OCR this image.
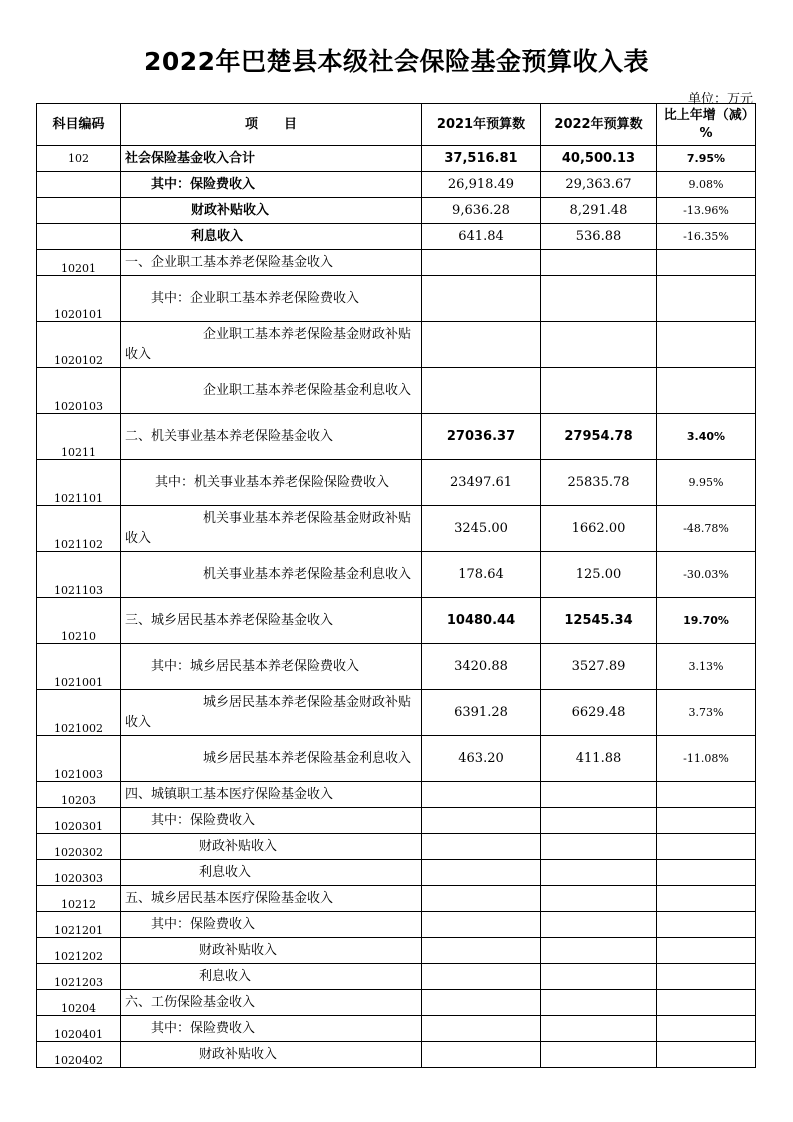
2022年巴楚县本级社会保险基金预算收入表
单位：万元
科目编码	项　　目	2021年预算数	2022年预算数	比上年增（减）%
102	社会保险基金收入合计	37,516.81	40,500.13	7.95%
	其中：保险费收入	26,918.49	29,363.67	9.08%
	财政补贴收入	9,636.28	8,291.48	-13.96%
	利息收入	641.84	536.88	-16.35%
10201	一、企业职工基本养老保险基金收入			
1020101	其中：企业职工基本养老保险费收入			
1020102	企业职工基本养老保险基金财政补贴收入			
1020103	企业职工基本养老保险基金利息收入			
10211	二、机关事业基本养老保险基金收入	27036.37	27954.78	3.40%
1021101	其中：机关事业基本养老保险保险费收入	23497.61	25835.78	9.95%
1021102	机关事业基本养老保险基金财政补贴收入	3245.00	1662.00	-48.78%
1021103	机关事业基本养老保险基金利息收入	178.64	125.00	-30.03%
10210	三、城乡居民基本养老保险基金收入	10480.44	12545.34	19.70%
1021001	其中：城乡居民基本养老保险费收入	3420.88	3527.89	3.13%
1021002	城乡居民基本养老保险基金财政补贴收入	6391.28	6629.48	3.73%
1021003	城乡居民基本养老保险基金利息收入	463.20	411.88	-11.08%
10203	四、城镇职工基本医疗保险基金收入			
1020301	其中：保险费收入			
1020302	财政补贴收入			
1020303	利息收入			
10212	五、城乡居民基本医疗保险基金收入			
1021201	其中：保险费收入			
1021202	财政补贴收入			
1021203	利息收入			
10204	六、工伤保险基金收入			
1020401	其中：保险费收入			
1020402	财政补贴收入			
